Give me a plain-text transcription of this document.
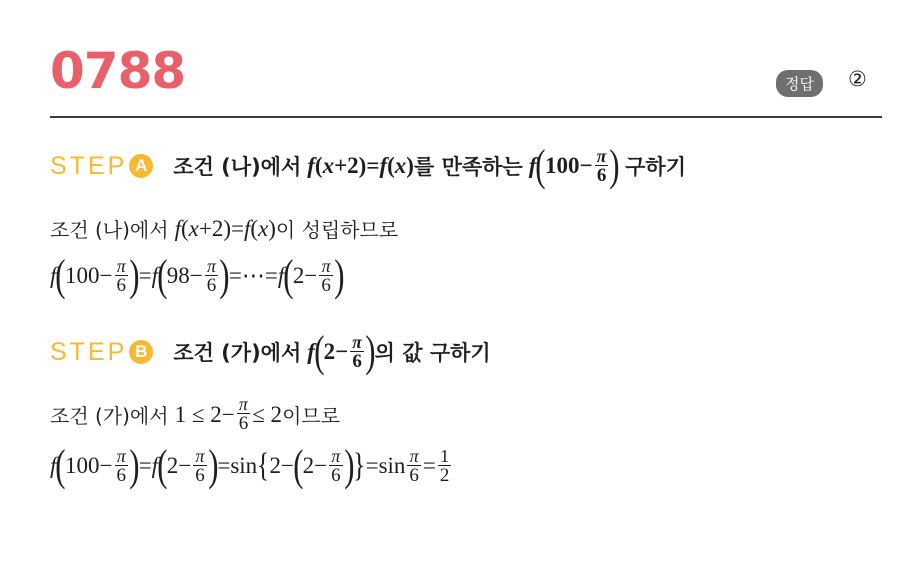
0788	정답	②
STEP A 조건 (나)에서 f ( x +2)= f ( x ) 를 만족하는 f ( $100- \frac{\pi}{6}$ ) 구하기
조건 (나)에서 f ( x +2)= f ( x ) 이 성립하므로
f ( $100- \frac{\pi}{6}$ ) = f ( $98- \frac{\pi}{6}$ ) =⋯= f ( $2- \frac{\pi}{6}$ )
STEP B 조건 (가)에서 f ( $2- \frac{\pi}{6}$ ) 의 값 구하기
조건 (가)에서 $1 \le 2- \frac{\pi}{6} \le 2$ 이므로
f ( $100- \frac{\pi}{6}$ ) = f ( $2- \frac{\pi}{6}$ ) =sin { 2− ( $2- \frac{\pi}{6}$ ) } $=\sin \frac{\pi}{6} = \frac{1}{2}$
